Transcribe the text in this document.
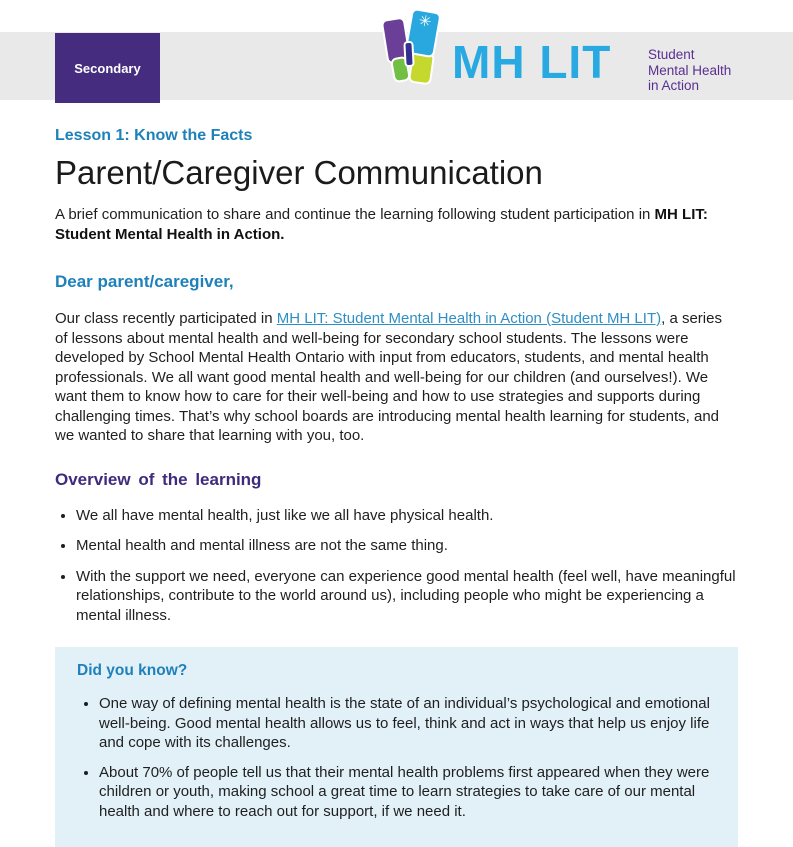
Secondary
✳
MH LIT	Student
Mental Health
in Action
Lesson 1: Know the Facts
Parent/Caregiver Communication

A brief communication to share and continue the learning following student participation in MH LIT: Student Mental Health in Action.

Dear parent/caregiver,

Our class recently participated in MH LIT: Student Mental Health in Action (Student MH LIT), a series of lessons about mental health and well-being for secondary school students. The lessons were developed by School Mental Health Ontario with input from educators, students, and mental health professionals. We all want good mental health and well-being for our children (and ourselves!). We want them to know how to care for their well-being and how to use strategies and supports during challenging times. That’s why school boards are introducing mental health learning for students, and we wanted to share that learning with you, too.

Overview of the learning
• We all have mental health, just like we all have physical health.
• Mental health and mental illness are not the same thing.
• With the support we need, everyone can experience good mental health (feel well, have meaningful relationships, contribute to the world around us), including people who might be experiencing a mental illness.
Did you know?
• One way of defining mental health is the state of an individual’s psychological and emotional well-being. Good mental health allows us to feel, think and act in ways that help us enjoy life and cope with its challenges.
• About 70% of people tell us that their mental health problems first appeared when they were children or youth, making school a great time to learn strategies to take care of our mental health and where to reach out for support, if we need it.
